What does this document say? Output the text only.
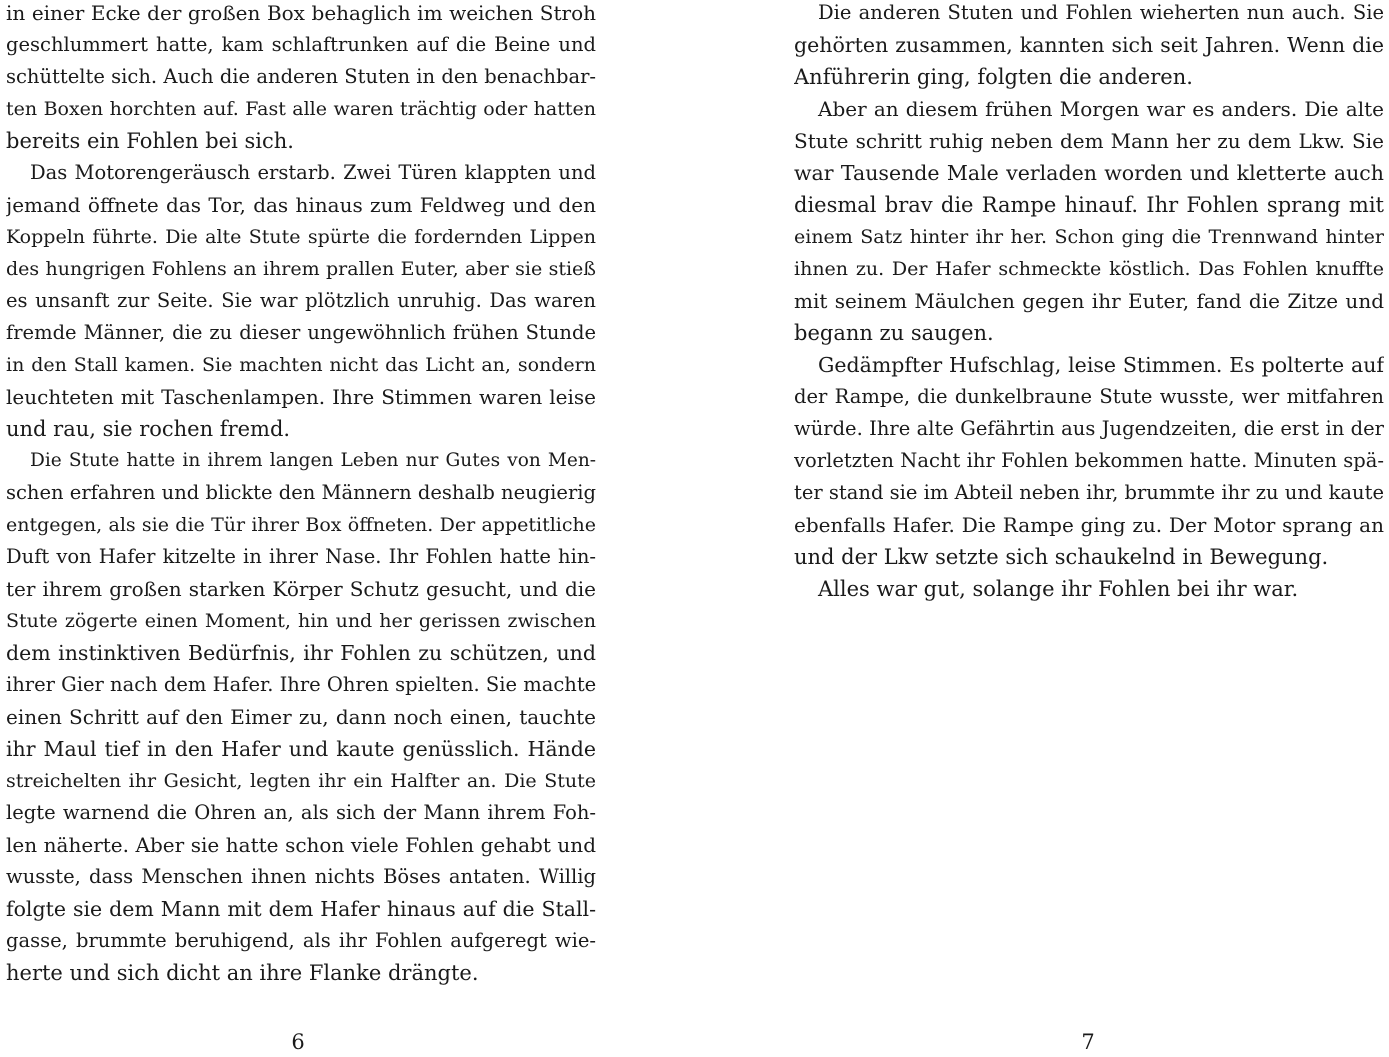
in einer Ecke der großen Box behaglich im weichen Stroh
geschlummert hatte, kam schlaftrunken auf die Beine und
schüttelte sich. Auch die anderen Stuten in den benachbar-
ten Boxen horchten auf. Fast alle waren trächtig oder hatten
bereits ein Fohlen bei sich.
Das Motorengeräusch erstarb. Zwei Türen klappten und
jemand öffnete das Tor, das hinaus zum Feldweg und den
Koppeln führte. Die alte Stute spürte die fordernden Lippen
des hungrigen Fohlens an ihrem prallen Euter, aber sie stieß
es unsanft zur Seite. Sie war plötzlich unruhig. Das waren
fremde Männer, die zu dieser ungewöhnlich frühen Stunde
in den Stall kamen. Sie machten nicht das Licht an, sondern
leuchteten mit Taschenlampen. Ihre Stimmen waren leise
und rau, sie rochen fremd.
Die Stute hatte in ihrem langen Leben nur Gutes von Men-
schen erfahren und blickte den Männern deshalb neugierig
entgegen, als sie die Tür ihrer Box öffneten. Der appetitliche
Duft von Hafer kitzelte in ihrer Nase. Ihr Fohlen hatte hin-
ter ihrem großen starken Körper Schutz gesucht, und die
Stute zögerte einen Moment, hin und her gerissen zwischen
dem instinktiven Bedürfnis, ihr Fohlen zu schützen, und
ihrer Gier nach dem Hafer. Ihre Ohren spielten. Sie machte
einen Schritt auf den Eimer zu, dann noch einen, tauchte
ihr Maul tief in den Hafer und kaute genüsslich. Hände
streichelten ihr Gesicht, legten ihr ein Halfter an. Die Stute
legte warnend die Ohren an, als sich der Mann ihrem Foh-
len näherte. Aber sie hatte schon viele Fohlen gehabt und
wusste, dass Menschen ihnen nichts Böses antaten. Willig
folgte sie dem Mann mit dem Hafer hinaus auf die Stall-
gasse, brummte beruhigend, als ihr Fohlen aufgeregt wie-
herte und sich dicht an ihre Flanke drängte.
6
Die anderen Stuten und Fohlen wieherten nun auch. Sie
gehörten zusammen, kannten sich seit Jahren. Wenn die
Anführerin ging, folgten die anderen.
Aber an diesem frühen Morgen war es anders. Die alte
Stute schritt ruhig neben dem Mann her zu dem Lkw. Sie
war Tausende Male verladen worden und kletterte auch
diesmal brav die Rampe hinauf. Ihr Fohlen sprang mit
einem Satz hinter ihr her. Schon ging die Trennwand hinter
ihnen zu. Der Hafer schmeckte köstlich. Das Fohlen knuffte
mit seinem Mäulchen gegen ihr Euter, fand die Zitze und
begann zu saugen.
Gedämpfter Hufschlag, leise Stimmen. Es polterte auf
der Rampe, die dunkelbraune Stute wusste, wer mitfahren
würde. Ihre alte Gefährtin aus Jugendzeiten, die erst in der
vorletzten Nacht ihr Fohlen bekommen hatte. Minuten spä-
ter stand sie im Abteil neben ihr, brummte ihr zu und kaute
ebenfalls Hafer. Die Rampe ging zu. Der Motor sprang an
und der Lkw setzte sich schaukelnd in Bewegung.
Alles war gut, solange ihr Fohlen bei ihr war.
7
